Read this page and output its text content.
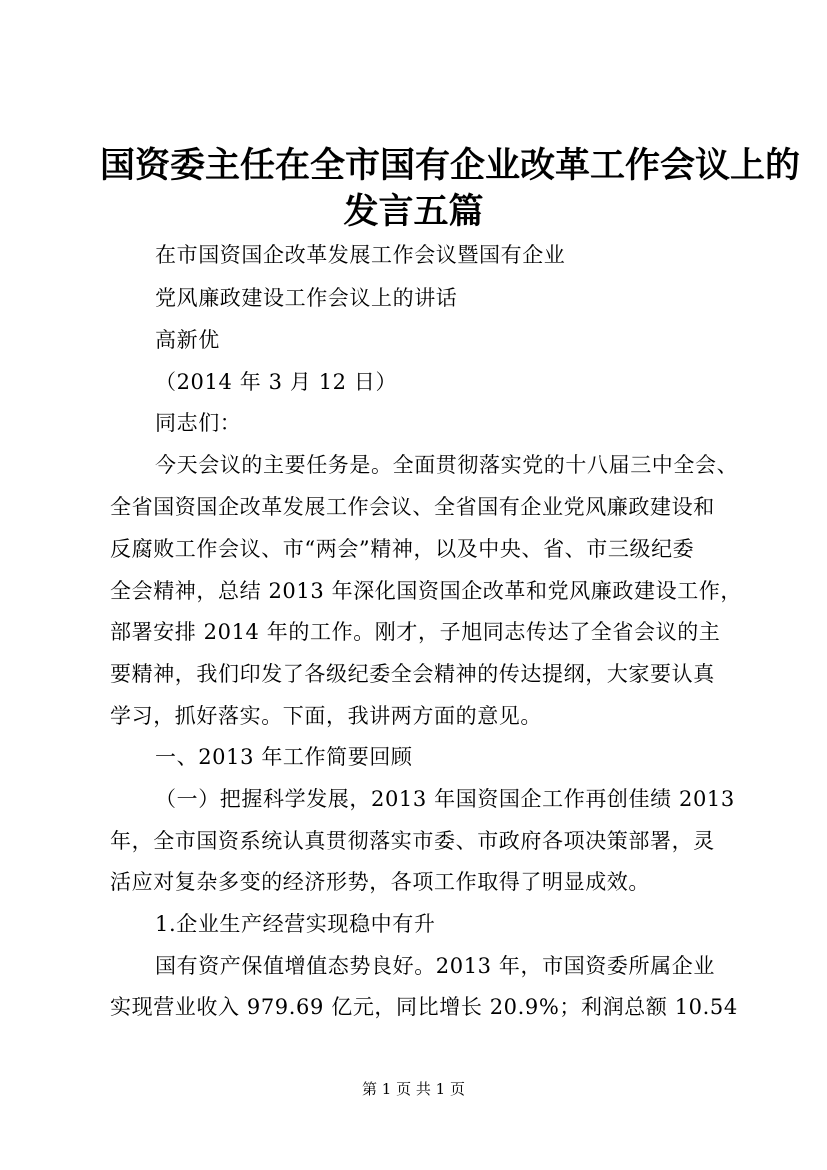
国资委主任在全市国有企业改革工作会议上的
发言五篇
在市国资国企改革发展工作会议暨国有企业
党风廉政建设工作会议上的讲话
高新优
（2014 年 3 月 12 日）
同志们：
今天会议的主要任务是。全面贯彻落实党的十八届三中全会、
全省国资国企改革发展工作会议、全省国有企业党风廉政建设和
反腐败工作会议、市“两会”精神，以及中央、省、市三级纪委
全会精神，总结 2013 年深化国资国企改革和党风廉政建设工作，
部署安排 2014 年的工作。刚才，子旭同志传达了全省会议的主
要精神，我们印发了各级纪委全会精神的传达提纲，大家要认真
学习，抓好落实。下面，我讲两方面的意见。
一、2013 年工作简要回顾
（一）把握科学发展，2013 年国资国企工作再创佳绩 2013
年，全市国资系统认真贯彻落实市委、市政府各项决策部署，灵
活应对复杂多变的经济形势，各项工作取得了明显成效。
1.企业生产经营实现稳中有升
国有资产保值增值态势良好。2013 年，市国资委所属企业
实现营业收入 979.69 亿元，同比增长 20.9%；利润总额 10.54
第 1 页 共 1 页
